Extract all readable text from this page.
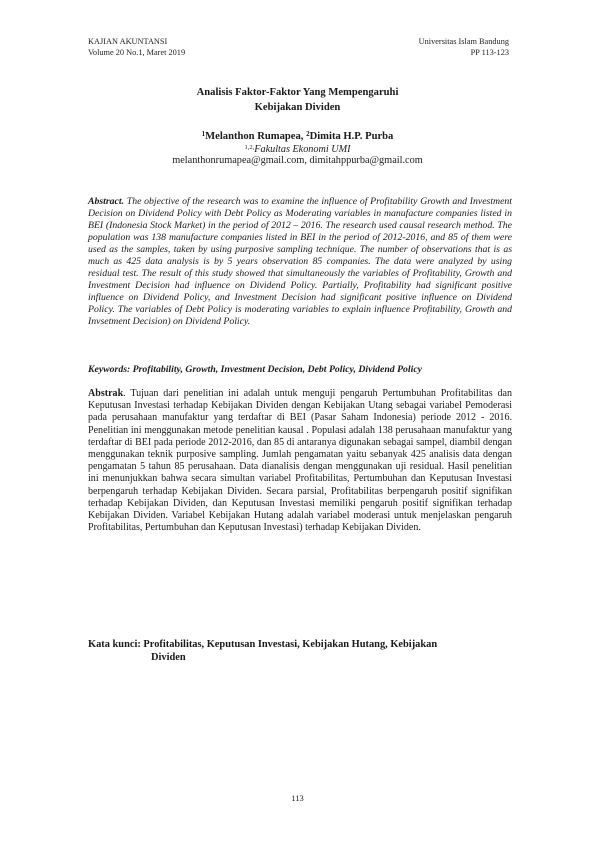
KAJIAN AKUNTANSI
Volume 20 No.1, Maret 2019
Universitas Islam Bandung
PP 113-123
Analisis Faktor-Faktor Yang Mempengaruhi
Kebijakan Dividen
$^1$Melanthon Rumapea, $^2$Dimita H.P. Purba
$^{1,2,}$Fakultas Ekonomi UMI
melanthonrumapea@gmail.com, dimitahppurba@gmail.com
Abstract. The objective of the research was to examine the influence of Profitability Growth and Investment Decision on Dividend Policy with Debt Policy as Moderating variables in manufacture companies listed in BEI (Indonesia Stock Market) in the period of 2012 – 2016. The research used causal research method. The population was 138 manufacture companies listed in BEI in the period of 2012-2016, and 85 of them were used as the samples, taken by using purposive sampling technique. The number of observations that is as much as 425 data analysis is by 5 years observation 85 companies. The data were analyzed by using residual test. The result of this study showed that simultaneously the variables of Profitability, Growth and Investment Decision had influence on Dividend Policy. Partially, Profitability had significant positive influence on Dividend Policy, and Investment Decision had significant positive influence on Dividend Policy. The variables of Debt Policy is moderating variables to explain influence Profitability, Growth and Invsetment Decision) on Dividend Policy.
Keywords: Profitability, Growth, Investment Decision, Debt Policy, Dividend Policy
Abstrak. Tujuan dari penelitian ini adalah untuk menguji pengaruh Pertumbuhan Profitabilitas dan Keputusan Investasi terhadap Kebijakan Dividen dengan Kebijakan Utang sebagai variabel Pemoderasi pada perusahaan manufaktur yang terdaftar di BEI (Pasar Saham Indonesia) periode 2012 - 2016. Penelitian ini menggunakan metode penelitian kausal . Populasi adalah 138 perusahaan manufaktur yang terdaftar di BEI pada periode 2012-2016, dan 85 di antaranya digunakan sebagai sampel, diambil dengan menggunakan teknik purposive sampling. Jumlah pengamatan yaitu sebanyak 425 analisis data dengan pengamatan 5 tahun 85 perusahaan. Data dianalisis dengan menggunakan uji residual. Hasil penelitian ini menunjukkan bahwa secara simultan variabel Profitabilitas, Pertumbuhan dan Keputusan Investasi berpengaruh terhadap Kebijakan Dividen. Secara parsial, Profitabilitas berpengaruh positif signifikan terhadap Kebijakan Dividen, dan Keputusan Investasi memiliki pengaruh positif signifikan terhadap Kebijakan Dividen. Variabel Kebijakan Hutang adalah variabel moderasi untuk menjelaskan pengaruh Profitabilitas, Pertumbuhan dan Keputusan Investasi) terhadap Kebijakan Dividen.
Kata kunci: Profitabilitas, Keputusan Investasi, Kebijakan Hutang, Kebijakan
Dividen
113
